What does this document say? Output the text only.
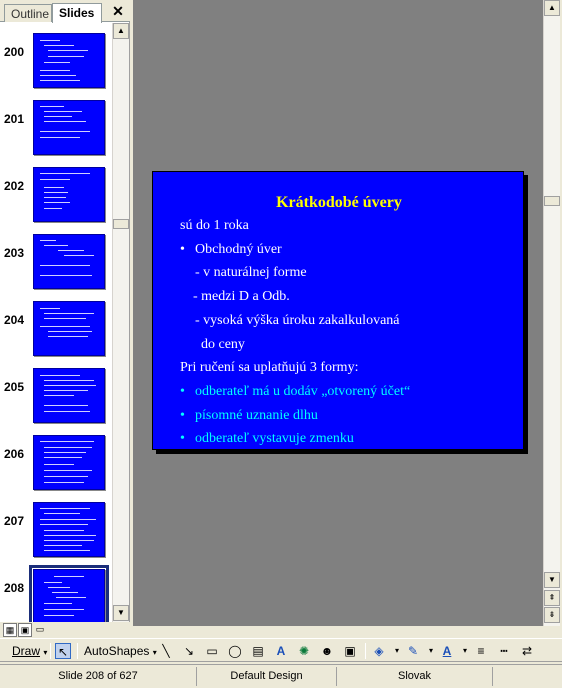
Outline Slides	✕
200
201
202
203
204
205
206
207
208
▲
▼
▦ ▣ ▭
Krátkodobé úvery
sú do 1 roka
• Obchodný úver
- v naturálnej forme
- medzi D a Odb.
- vysoká výška úroku zakalkulovaná
do ceny
Pri ručení sa uplatňujú 3 formy:
• odberateľ má u dodáv „otvorený účet“
• písomné uznanie dlhu
• odberateľ vystavuje zmenku
▲
▼
⇞
⇟
Draw ▾ ↖ AutoShapes ▾ ╲	↘ ▭ ◯ ▤	A	✺ ☻ ▣ ◈	▾ ✎	▾ A	▾ ≡	┅	⇄
Slide 208 of 627	Default Design	Slovak
